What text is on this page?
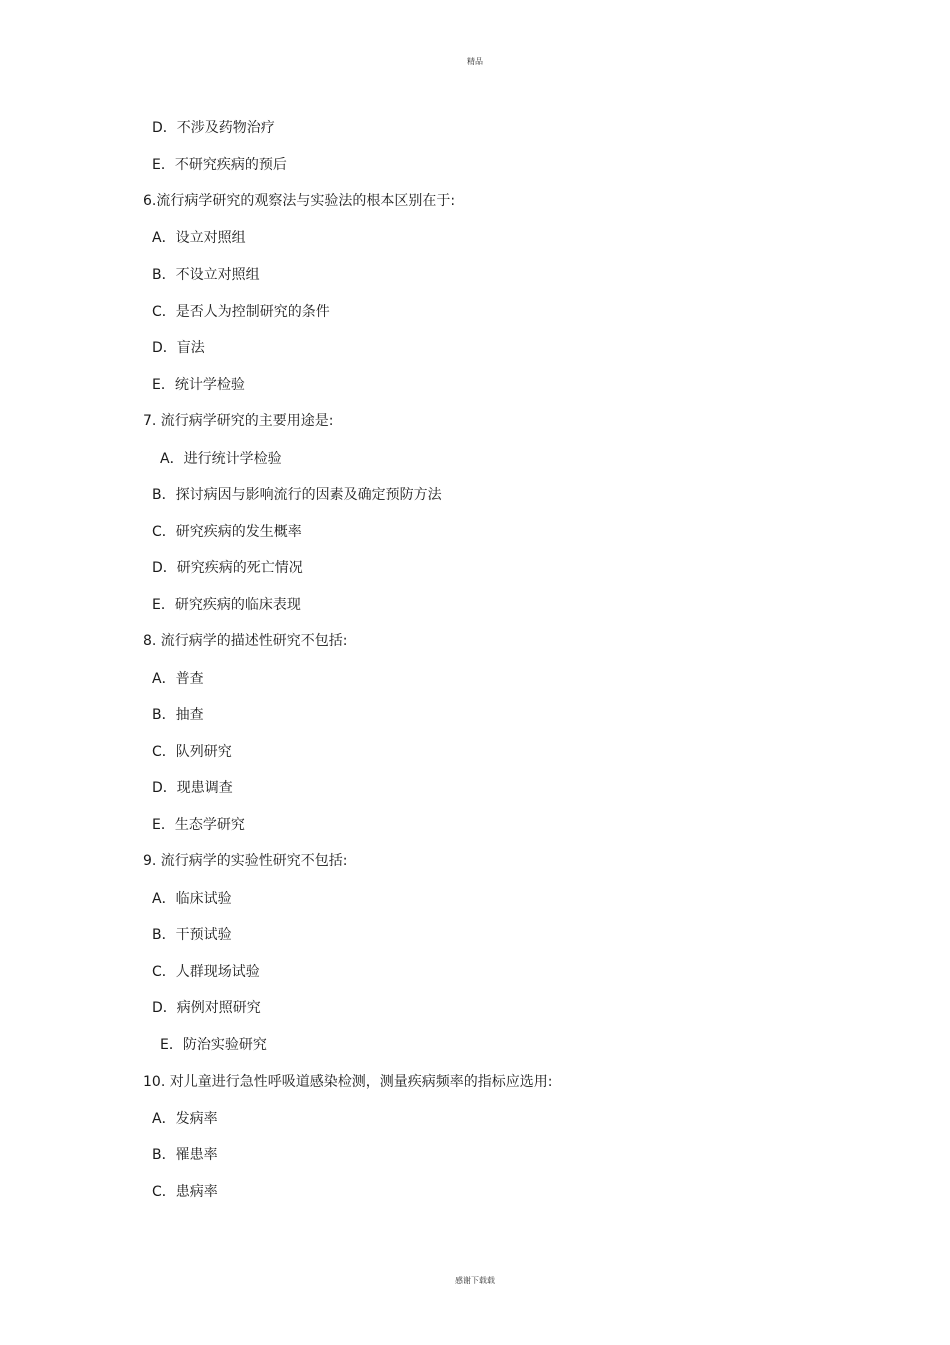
精品
D．不涉及药物治疗
E．不研究疾病的预后
6.流行病学研究的观察法与实验法的根本区别在于:
A．设立对照组
B．不设立对照组
C．是否人为控制研究的条件
D．盲法
E．统计学检验
7. 流行病学研究的主要用途是:
A．进行统计学检验
B．探讨病因与影响流行的因素及确定预防方法
C．研究疾病的发生概率
D．研究疾病的死亡情况
E．研究疾病的临床表现
8. 流行病学的描述性研究不包括:
A．普查
B．抽查
C．队列研究
D．现患调查
E．生态学研究
9. 流行病学的实验性研究不包括:
A．临床试验
B．干预试验
C．人群现场试验
D．病例对照研究
E．防治实验研究
10. 对儿童进行急性呼吸道感染检测，测量疾病频率的指标应选用:
A．发病率
B．罹患率
C．患病率
感谢下载载
